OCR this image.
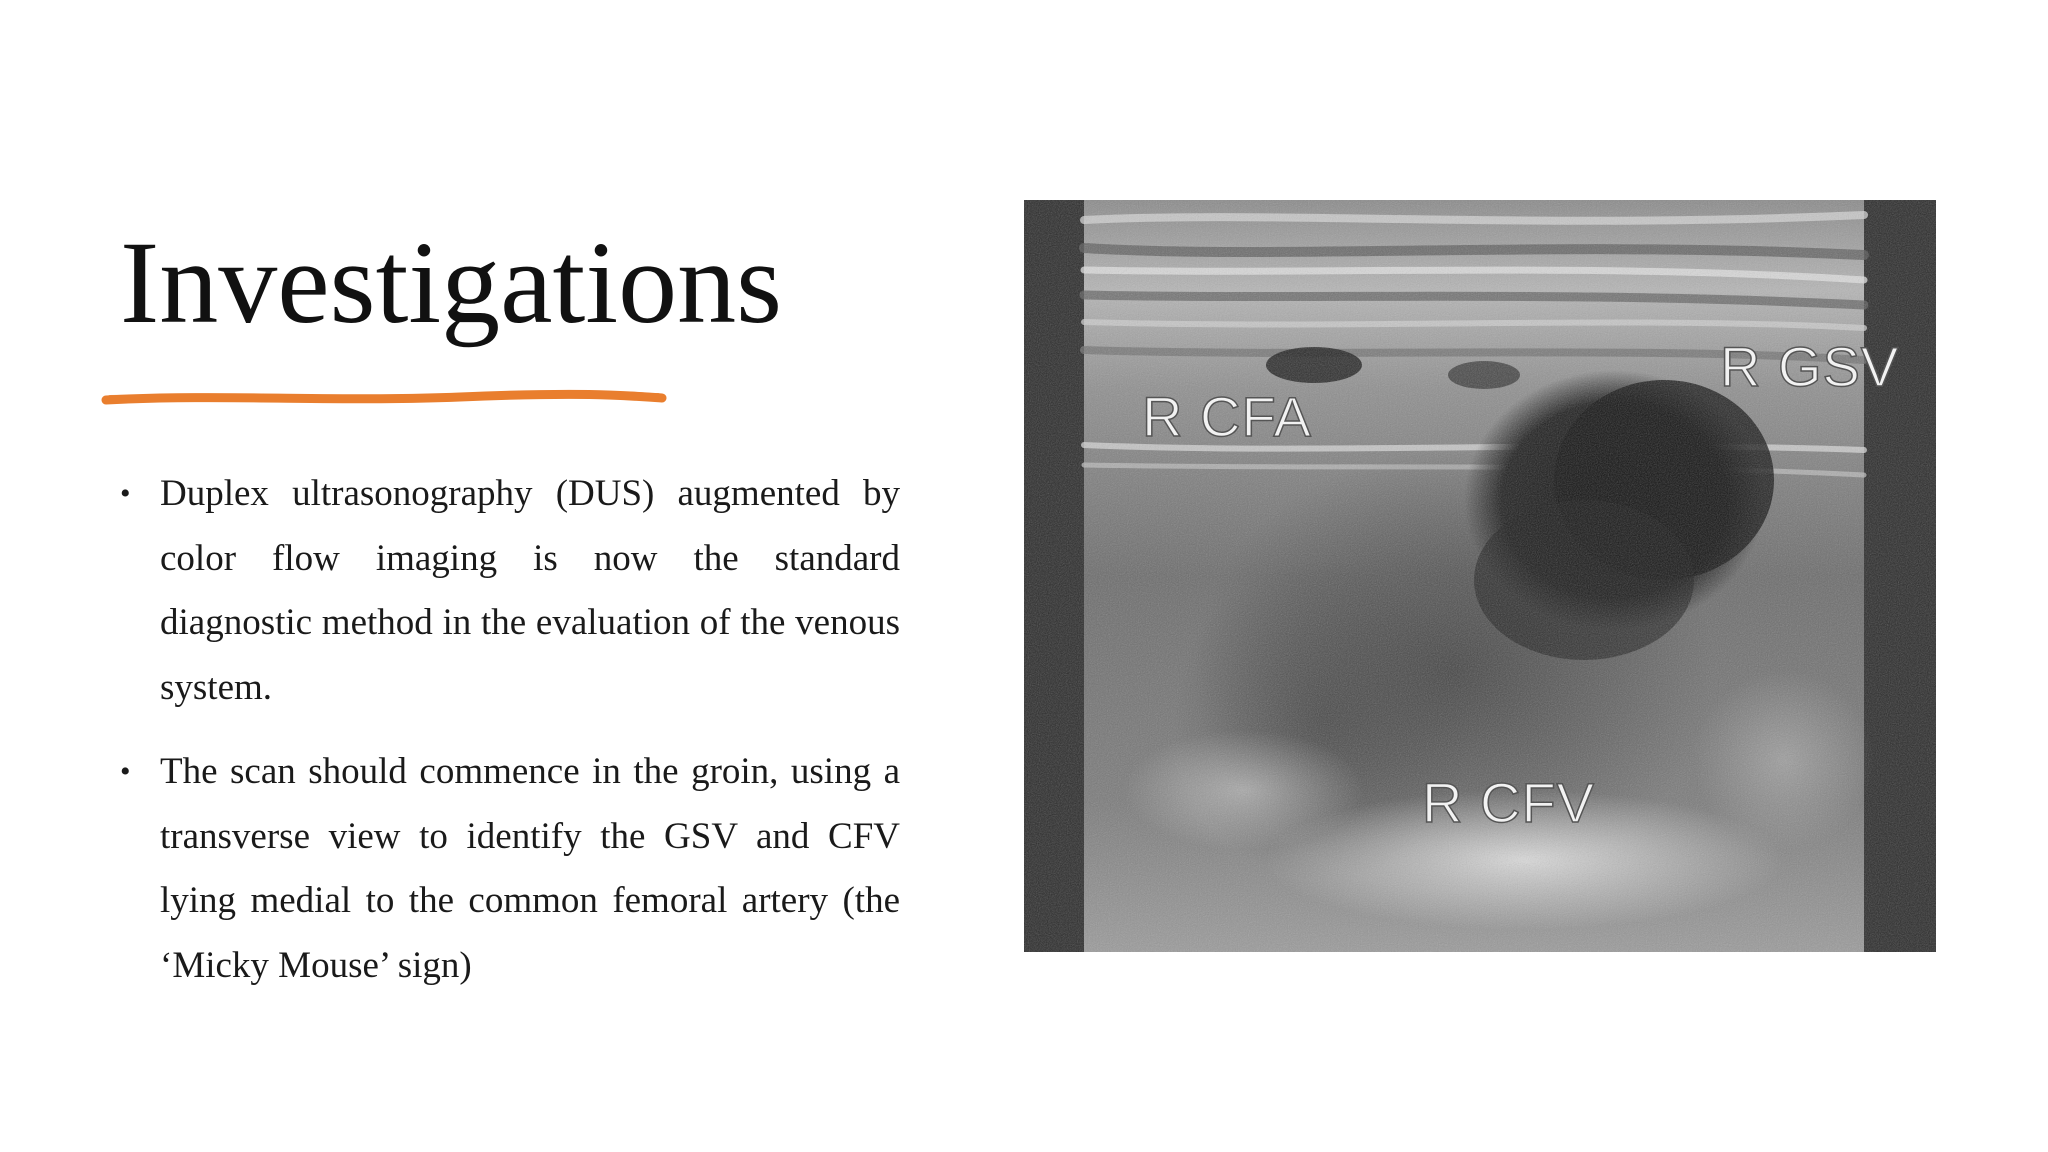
Investigations
• Duplex ultrasonography (DUS) augmented by color flow imaging is now the standard diagnostic method in the evaluation of the venous system.
• The scan should commence in the groin, using a transverse view to identify the GSV and CFV lying medial to the common femoral artery (the ‘Micky Mouse’ sign)
R CFA
R GSV
R CFV
